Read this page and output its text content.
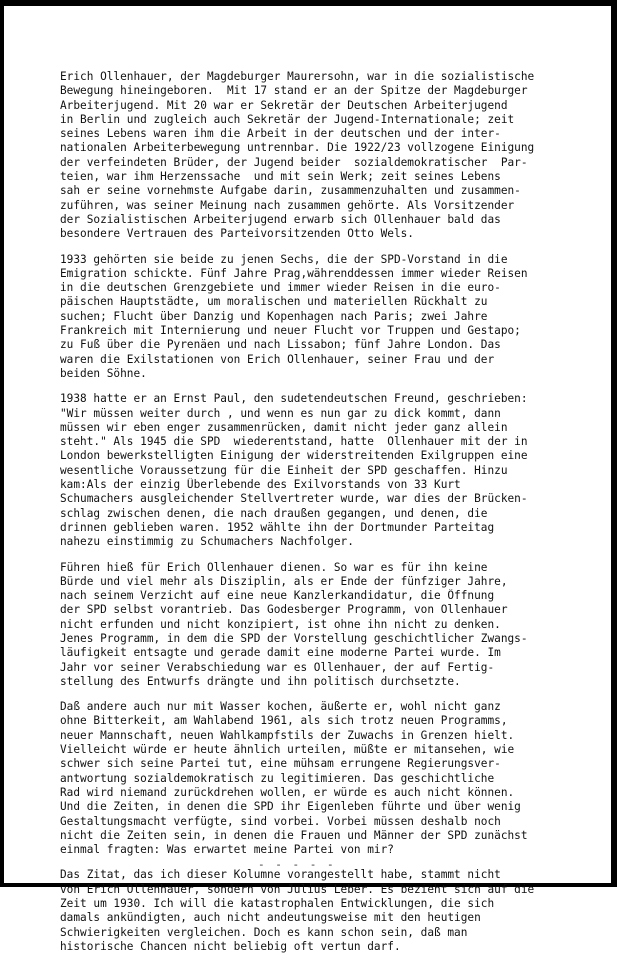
Erich Ollenhauer, der Magdeburger Maurersohn, war in die sozialistische
Bewegung hineingeboren.  Mit 17 stand er an der Spitze der Magdeburger
Arbeiterjugend. Mit 20 war er Sekretär der Deutschen Arbeiterjugend
in Berlin und zugleich auch Sekretär der Jugend-Internationale; zeit
seines Lebens waren ihm die Arbeit in der deutschen und der inter-
nationalen Arbeiterbewegung untrennbar. Die 1922/23 vollzogene Einigung
der verfeindeten Brüder, der Jugend beider  sozialdemokratischer  Par-
teien, war ihm Herzenssache  und mit sein Werk; zeit seines Lebens
sah er seine vornehmste Aufgabe darin, zusammenzuhalten und zusammen-
zuführen, was seiner Meinung nach zusammen gehörte. Als Vorsitzender
der Sozialistischen Arbeiterjugend erwarb sich Ollenhauer bald das
besondere Vertrauen des Parteivorsitzenden Otto Wels.
1933 gehörten sie beide zu jenen Sechs, die der SPD-Vorstand in die
Emigration schickte. Fünf Jahre Prag,währenddessen immer wieder Reisen
in die deutschen Grenzgebiete und immer wieder Reisen in die euro-
päischen Hauptstädte, um moralischen und materiellen Rückhalt zu
suchen; Flucht über Danzig und Kopenhagen nach Paris; zwei Jahre
Frankreich mit Internierung und neuer Flucht vor Truppen und Gestapo;
zu Fuß über die Pyrenäen und nach Lissabon; fünf Jahre London. Das
waren die Exilstationen von Erich Ollenhauer, seiner Frau und der
beiden Söhne.
1938 hatte er an Ernst Paul, den sudetendeutschen Freund, geschrieben:
"Wir müssen weiter durch , und wenn es nun gar zu dick kommt, dann
müssen wir eben enger zusammenrücken, damit nicht jeder ganz allein
steht." Als 1945 die SPD  wiederentstand, hatte  Ollenhauer mit der in
London bewerkstelligten Einigung der widerstreitenden Exilgruppen eine
wesentliche Voraussetzung für die Einheit der SPD geschaffen. Hinzu
kam:Als der einzig Überlebende des Exilvorstands von 33 Kurt
Schumachers ausgleichender Stellvertreter wurde, war dies der Brücken-
schlag zwischen denen, die nach draußen gegangen, und denen, die
drinnen geblieben waren. 1952 wählte ihn der Dortmunder Parteitag
nahezu einstimmig zu Schumachers Nachfolger.
Führen hieß für Erich Ollenhauer dienen. So war es für ihn keine
Bürde und viel mehr als Disziplin, als er Ende der fünfziger Jahre,
nach seinem Verzicht auf eine neue Kanzlerkandidatur, die Öffnung
der SPD selbst vorantrieb. Das Godesberger Programm, von Ollenhauer
nicht erfunden und nicht konzipiert, ist ohne ihn nicht zu denken.
Jenes Programm, in dem die SPD der Vorstellung geschichtlicher Zwangs-
läufigkeit entsagte und gerade damit eine moderne Partei wurde. Im
Jahr vor seiner Verabschiedung war es Ollenhauer, der auf Fertig-
stellung des Entwurfs drängte und ihn politisch durchsetzte.
Daß andere auch nur mit Wasser kochen, äußerte er, wohl nicht ganz
ohne Bitterkeit, am Wahlabend 1961, als sich trotz neuen Programms,
neuer Mannschaft, neuen Wahlkampfstils der Zuwachs in Grenzen hielt.
Vielleicht würde er heute ähnlich urteilen, müßte er mitansehen, wie
schwer sich seine Partei tut, eine mühsam errungene Regierungsver-
antwortung sozialdemokratisch zu legitimieren. Das geschichtliche
Rad wird niemand zurückdrehen wollen, er würde es auch nicht können.
Und die Zeiten, in denen die SPD ihr Eigenleben führte und über wenig
Gestaltungsmacht verfügte, sind vorbei. Vorbei müssen deshalb noch
nicht die Zeiten sein, in denen die Frauen und Männer der SPD zunächst
einmal fragten: Was erwartet meine Partei von mir?
Das Zitat, das ich dieser Kolumne vorangestellt habe, stammt nicht
von Erich Ollenhauer, sondern von Julius Leber. Es bezieht sich auf die
Zeit um 1930. Ich will die katastrophalen Entwicklungen, die sich
damals ankündigten, auch nicht andeutungsweise mit den heutigen
Schwierigkeiten vergleichen. Doch es kann schon sein, daß man
historische Chancen nicht beliebig oft vertun darf.
- - - - -
